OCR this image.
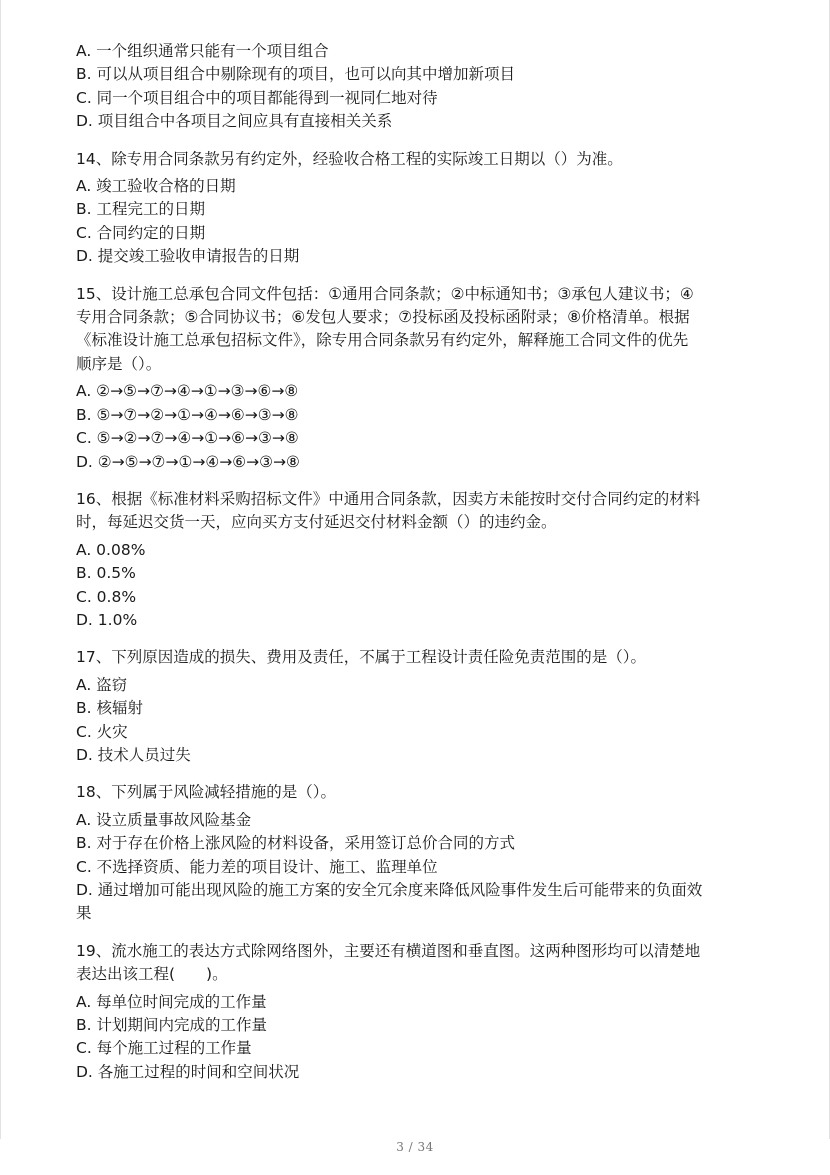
A. 一个组织通常只能有一个项目组合
B. 可以从项目组合中剔除现有的项目，也可以向其中增加新项目
C. 同一个项目组合中的项目都能得到一视同仁地对待
D. 项目组合中各项目之间应具有直接相关关系
14、除专用合同条款另有约定外，经验收合格工程的实际竣工日期以（）为准。
A. 竣工验收合格的日期
B. 工程完工的日期
C. 合同约定的日期
D. 提交竣工验收申请报告的日期
15、设计施工总承包合同文件包括：①通用合同条款；②中标通知书；③承包人建议书；④
专用合同条款；⑤合同协议书；⑥发包人要求；⑦投标函及投标函附录；⑧价格清单。根据
《标准设计施工总承包招标文件》，除专用合同条款另有约定外，解释施工合同文件的优先
顺序是（）。
A. ②→⑤→⑦→④→①→③→⑥→⑧
B. ⑤→⑦→②→①→④→⑥→③→⑧
C. ⑤→②→⑦→④→①→⑥→③→⑧
D. ②→⑤→⑦→①→④→⑥→③→⑧
16、根据《标准材料采购招标文件》中通用合同条款，因卖方未能按时交付合同约定的材料
时，每延迟交货一天，应向买方支付延迟交付材料金额（）的违约金。
A. 0.08%
B. 0.5%
C. 0.8%
D. 1.0%
17、下列原因造成的损失、费用及责任，不属于工程设计责任险免责范围的是（）。
A. 盗窃
B. 核辐射
C. 火灾
D. 技术人员过失
18、下列属于风险减轻措施的是（）。
A. 设立质量事故风险基金
B. 对于存在价格上涨风险的材料设备，采用签订总价合同的方式
C. 不选择资质、能力差的项目设计、施工、监理单位
D. 通过增加可能出现风险的施工方案的安全冗余度来降低风险事件发生后可能带来的负面效
果
19、流水施工的表达方式除网络图外，主要还有横道图和垂直图。这两种图形均可以清楚地
表达出该工程(　　)。
A. 每单位时间完成的工作量
B. 计划期间内完成的工作量
C. 每个施工过程的工作量
D. 各施工过程的时间和空间状况
3 / 34
